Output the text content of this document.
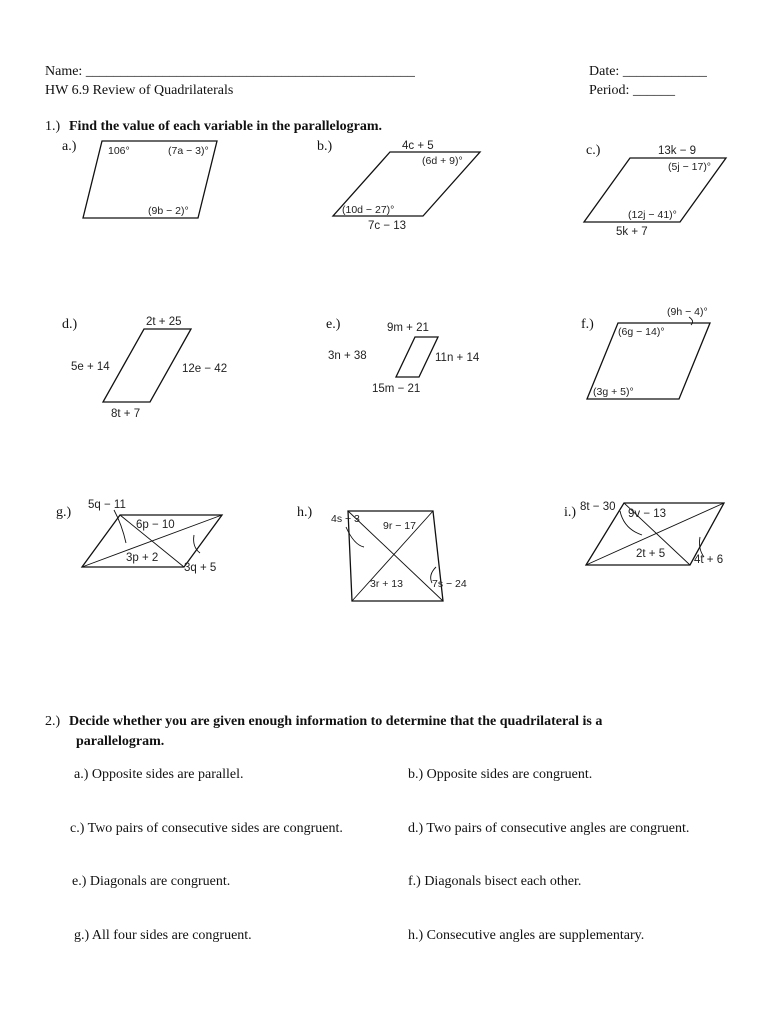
Name: _______________________________________________	Date: ____________
HW 6.9 Review of Quadrilaterals	Period: ______
1.) Find the value of each variable in the parallelogram.
a.)	106°	(7a − 3)°
(9b − 2)°
b.)	4c + 5
(6d + 9)°
(10d − 27)°
7c − 13
c.)	13k − 9
(5j − 17)°
(12j − 41)°
5k + 7
d.)	2t + 25
5e + 14	12e − 42
8t + 7
e.)	9m + 21
3n + 38	11n + 14
15m − 21
f.)
(9h − 4)°
(6g − 14)°
(3g + 5)°
g.) 5q − 11
6p − 10
3p + 2
3q + 5
h.) 4s − 3
9r − 17
3r + 13	7s − 24
i.) 8t − 30
9v − 13
2t + 5	4t + 6
2.) Decide whether you are given enough information to determine that the quadrilateral is a
parallelogram.
a.) Opposite sides are parallel.	b.) Opposite sides are congruent.
c.) Two pairs of consecutive sides are congruent.	d.) Two pairs of consecutive angles are congruent.
e.) Diagonals are congruent.	f.) Diagonals bisect each other.
g.) All four sides are congruent.	h.) Consecutive angles are supplementary.
